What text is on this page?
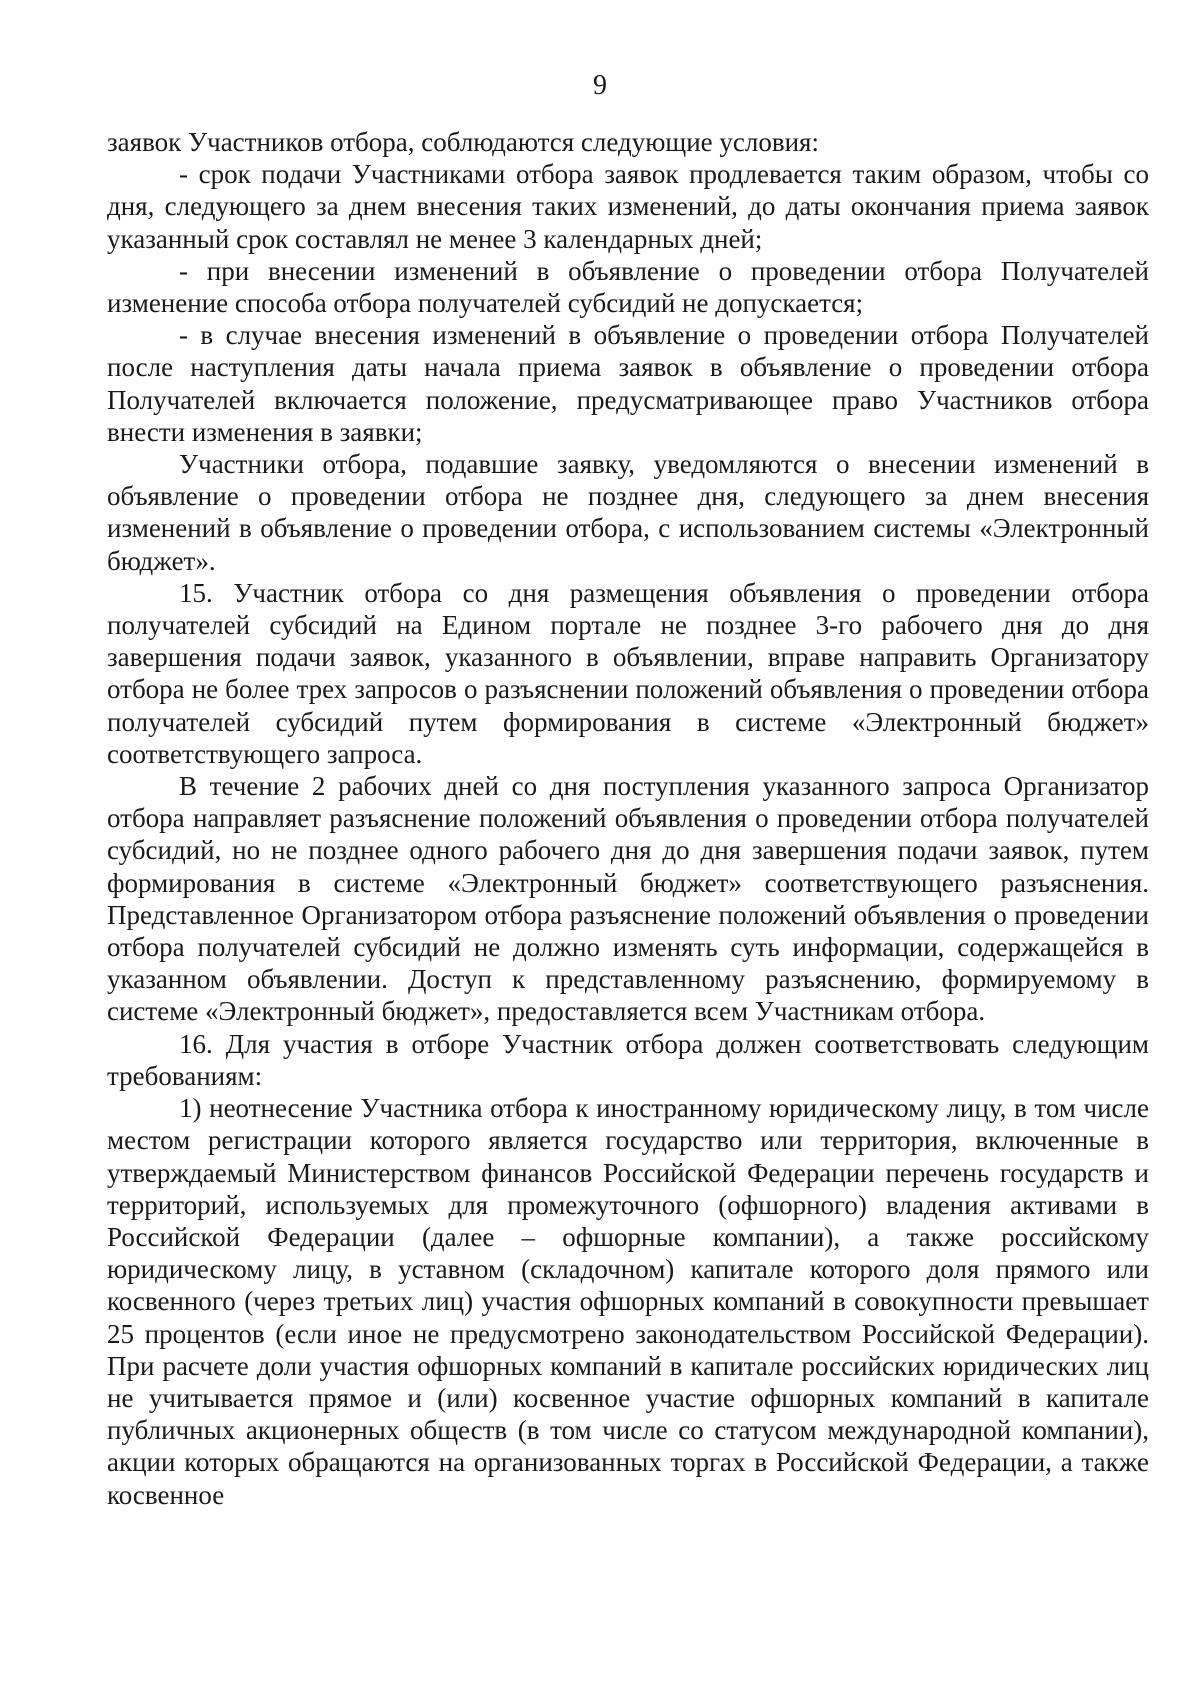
9

заявок Участников отбора, соблюдаются следующие условия:

- срок подачи Участниками отбора заявок продлевается таким образом, чтобы со дня, следующего за днем внесения таких изменений, до даты окончания приема заявок указанный срок составлял не менее 3 календарных дней;

- при внесении изменений в объявление о проведении отбора Получателей изменение способа отбора получателей субсидий не допускается;

- в случае внесения изменений в объявление о проведении отбора Получателей после наступления даты начала приема заявок в объявление о проведении отбора Получателей включается положение, предусматривающее право Участников отбора внести изменения в заявки;

Участники отбора, подавшие заявку, уведомляются о внесении изменений в объявление о проведении отбора не позднее дня, следующего за днем внесения изменений в объявление о проведении отбора, с использованием системы «Электронный бюджет».

15. Участник отбора со дня размещения объявления о проведении отбора получателей субсидий на Едином портале не позднее 3-го рабочего дня до дня завершения подачи заявок, указанного в объявлении, вправе направить Организатору отбора не более трех запросов о разъяснении положений объявления о проведении отбора получателей субсидий путем формирования в системе «Электронный бюджет» соответствующего запроса.

В течение 2 рабочих дней со дня поступления указанного запроса Организатор отбора направляет разъяснение положений объявления о проведении отбора получателей субсидий, но не позднее одного рабочего дня до дня завершения подачи заявок, путем формирования в системе «Электронный бюджет» соответствующего разъяснения. Представленное Организатором отбора разъяснение положений объявления о проведении отбора получателей субсидий не должно изменять суть информации, содержащейся в указанном объявлении. Доступ к представленному разъяснению, формируемому в системе «Электронный бюджет», предоставляется всем Участникам отбора.

16. Для участия в отборе Участник отбора должен соответствовать следующим требованиям:

1) неотнесение Участника отбора к иностранному юридическому лицу, в том числе местом регистрации которого является государство или территория, включенные в утверждаемый Министерством финансов Российской Федерации перечень государств и территорий, используемых для промежуточного (офшорного) владения активами в Российской Федерации (далее – офшорные компании), а также российскому юридическому лицу, в уставном (складочном) капитале которого доля прямого или косвенного (через третьих лиц) участия офшорных компаний в совокупности превышает 25 процентов (если иное не предусмотрено законодательством Российской Федерации). При расчете доли участия офшорных компаний в капитале российских юридических лиц не учитывается прямое и (или) косвенное участие офшорных компаний в капитале публичных акционерных обществ (в том числе со статусом международной компании), акции которых обращаются на организованных торгах в Российской Федерации, а также косвенное
